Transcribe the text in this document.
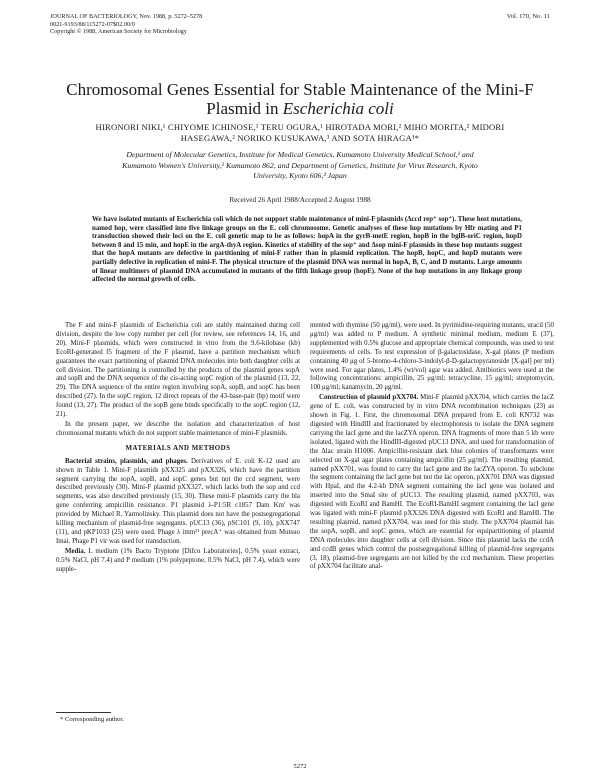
JOURNAL OF BACTERIOLOGY, Nov. 1988, p. 5272–5278
0021-9193/88/115272-07$02.00/0
Copyright © 1988, American Society for Microbiology
Vol. 170, No. 11
Chromosomal Genes Essential for Stable Maintenance of the Mini-F
Plasmid in Escherichia coli
HIRONORI NIKI,¹ CHIYOME ICHINOSE,¹ TERU OGURA,¹ HIROTADA MORI,² MIHO MORITA,² MIDORI
HASEGAWA,² NORIKO KUSUKAWA,³ AND SOTA HIRAGA¹*
Department of Molecular Genetics, Institute for Medical Genetics, Kumamoto University Medical School,¹ and
Kumamoto Women's University,² Kumamoto 862, and Department of Genetics, Institute for Virus Research, Kyoto
University, Kyoto 606,³ Japan
Received 26 April 1988/Accepted 2 August 1988
We have isolated mutants of Escherichia coli which do not support stable maintenance of mini-F plasmids (Δccd rep⁺ sop⁺). These host mutations, named hop, were classified into five linkage groups on the E. coli chromosome. Genetic analyses of these hop mutations by Hfr mating and P1 transduction showed their loci on the E. coli genetic map to be as follows: hopA in the gyrB-metE region, hopB in the bglB-oriC region, hopD between 8 and 15 min, and hopE in the argA-thyA region. Kinetics of stability of the sop⁺ and Δsop mini-F plasmids in these hop mutants suggest that the hopA mutants are defective in partitioning of mini-F rather than in plasmid replication. The hopB, hopC, and hopD mutants were partially defective in replication of mini-F. The physical structure of the plasmid DNA was normal in hopA, B, C, and D mutants. Large amounts of linear multimers of plasmid DNA accumulated in mutants of the fifth linkage group (hopE). None of the hop mutations in any linkage group affected the normal growth of cells.

The F and mini-F plasmids of Escherichia coli are stably maintained during cell division, despite the low copy number per cell (for review, see references 14, 16, and 20). Mini-F plasmids, which were constructed in vitro from the 9.6-kilobase (kb) EcoRI-generated f5 fragment of the F plasmid, have a partition mechanism which guarantees the exact partitioning of plasmid DNA molecules into both daughter cells at cell division. The partitioning is controlled by the products of the plasmid genes sopA and sopB and the DNA sequence of the cis-acting sopC region of the plasmid (13, 22, 29). The DNA sequence of the entire region involving sopA, sopB, and sopC has been described (27). In the sopC region, 12 direct repeats of the 43-base-pair (bp) motif were found (13, 27). The product of the sopB gene binds specifically to the sopC region (12, 21).

In the present paper, we describe the isolation and characterization of host chromosomal mutants which do not support stable maintenance of mini-F plasmids.

MATERIALS AND METHODS

Bacterial strains, plasmids, and phages. Derivatives of E. coli K-12 used are shown in Table 1. Mini-F plasmids pXX325 and pXX326, which have the partition segment carrying the sopA, sopB, and sopC genes but not the ccd segment, were described previously (30). Mini-F plasmid pXX327, which lacks both the sop and ccd segments, was also described previously (15, 30). These mini-F plasmids carry the bla gene conferring ampicillin resistance. P1 plasmid λ-P1:5R c1857 Dam Km' was provided by Michael R. Yarmolinsky. This plasmid does not have the postsegregational killing mechanism of plasmid-free segregants. pUC13 (36), pSC101 (9, 10), pXX747 (11), and pKP1033 (25) were used. Phage λ imm²¹ precA⁺ was obtained from Mutsuo Imai. Phage P1 vir was used for transduction.

Media. L medium (1% Bacto Tryptone [Difco Laboratories], 0.5% yeast extract, 0.5% NaCl, pH 7.4) and P medium (1% polypeptone, 0.5% NaCl, pH 7.4), which were supple-

mented with thymine (50 μg/ml), were used. In pyrimidine-requiring mutants, uracil (50 μg/ml) was added to P medium. A synthetic minimal medium, medium E (37), supplemented with 0.5% glucose and appropriate chemical compounds, was used to test requirements of cells. To test expression of β-galactosidase, X-gal plates (P medium containing 40 μg of 5-bromo-4-chloro-3-indolyl-β-D-galactopyranoside [X-gal] per ml) were used. For agar plates, 1.4% (wt/vol) agar was added. Antibiotics were used at the following concentrations: ampicillin, 25 μg/ml; tetracycline, 15 μg/ml; streptomycin, 100 μg/ml; kanamycin, 20 μg/ml.

Construction of plasmid pXX704. Mini-F plasmid pXX704, which carries the lacZ gene of E. coli, was constructed by in vitro DNA recombination techniques (23) as shown in Fig. 1. First, the chromosomal DNA prepared from E. coli KN732 was digested with HindIII and fractionated by electrophoresis to isolate the DNA segment carrying the lacI gene and the lacZYA operon. DNA fragments of more than 5 kb were isolated, ligated with the HindIII-digested pUC13 DNA, and used for transformation of the Δlac strain H1006. Ampicillin-resistant dark blue colonies of transformants were selected on X-gal agar plates containing ampicillin (25 μg/ml). The resulting plasmid, named pXX701, was found to carry the lacI gene and the lacZYA operon. To subclone the segment containing the lacI gene but not the lac operon, pXX701 DNA was digested with HpaI, and the 4.2-kb DNA segment containing the lacI gene was isolated and inserted into the SmaI site of pUC13. The resulting plasmid, named pXX703, was digested with EcoRI and BamHI. The EcoRI-BamHI segment containing the lacI gene was ligated with mini-F plasmid pXX326 DNA digested with EcoRI and BamHI. The resulting plasmid, named pXX704, was used for this study. The pXX704 plasmid has the sopA, sopB, and sopC genes, which are essential for equipartitioning of plasmid DNA molecules into daughter cells at cell division. Since this plasmid lacks the ccdA and ccdB genes which control the postsegregational killing of plasmid-free segregants (3, 18), plasmid-free segregants are not killed by the ccd mechanism. These properties of pXX704 facilitate anal-

* Corresponding author.
5272
